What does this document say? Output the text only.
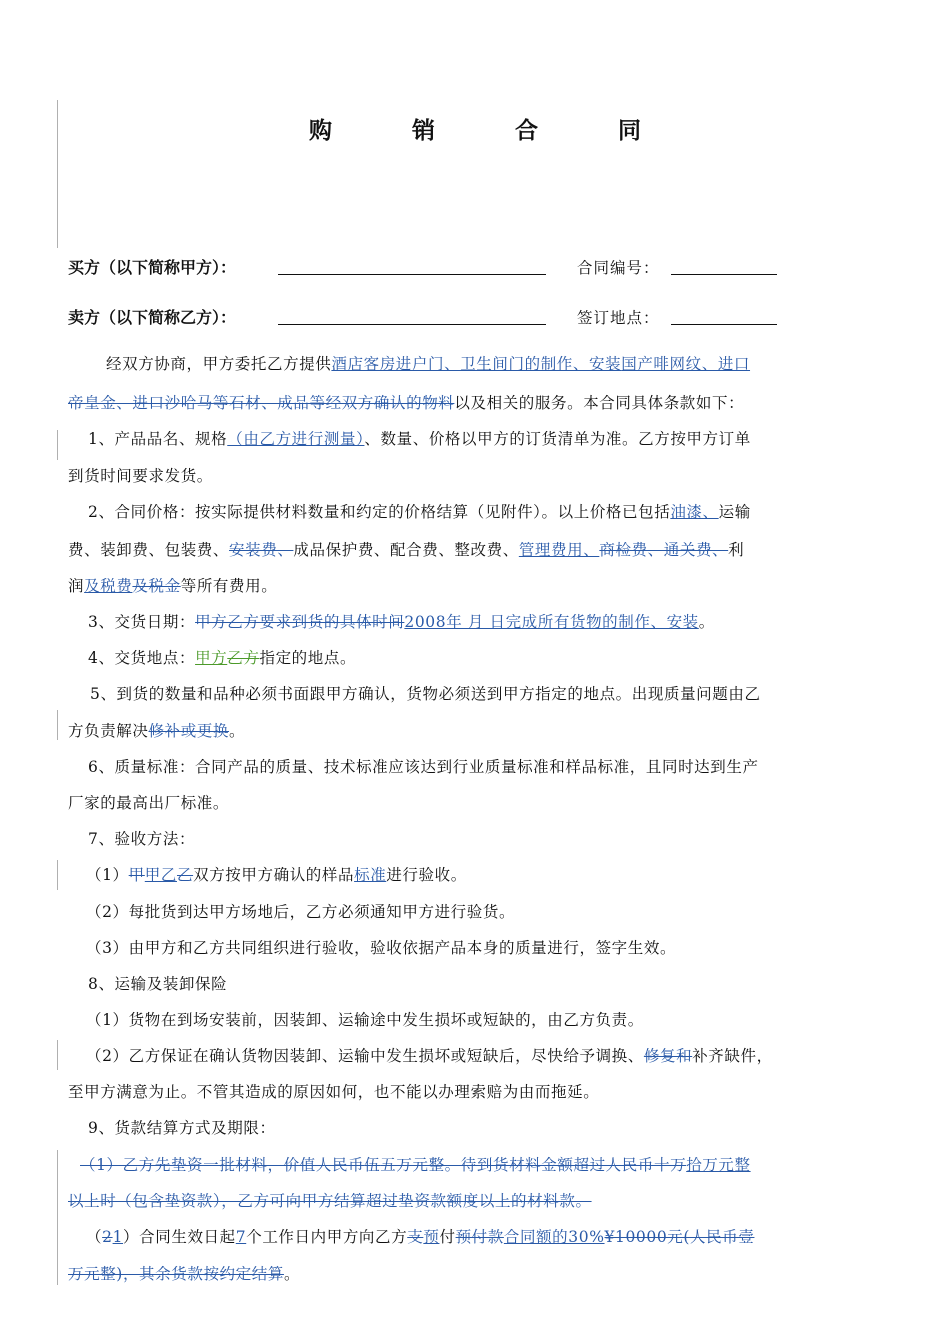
购 销 合 同
买方（以下简称甲方）：	合同编号：
卖方（以下简称乙方）：	签订地点：
经双方协商，甲方委托乙方提供酒店客房进户门、卫生间门的制作、安装国产啡网纹、进口
帝皇金、进口沙哈马等石材、成品等经双方确认的物料以及相关的服务。本合同具体条款如下：
1、产品品名、规格（由乙方进行测量）、数量、价格以甲方的订货清单为准。乙方按甲方订单
到货时间要求发货。
2、合同价格：按实际提供材料数量和约定的价格结算（见附件）。以上价格已包括油漆、运输
费、装卸费、包装费、安装费、成品保护费、配合费、整改费、管理费用、商检费、通关费、利
润及税费及税金等所有费用。
3、交货日期：甲方乙方要求到货的具体时间2008年 月 日完成所有货物的制作、安装。
4、交货地点：甲方乙方指定的地点。
5、到货的数量和品种必须书面跟甲方确认，货物必须送到甲方指定的地点。出现质量问题由乙
方负责解决修补或更换。
6、质量标准：合同产品的质量、技术标准应该达到行业质量标准和样品标准，且同时达到生产
厂家的最高出厂标准。
7、验收方法：
（1）甲甲乙乙双方按甲方确认的样品标准进行验收。
（2）每批货到达甲方场地后，乙方必须通知甲方进行验货。
（3）由甲方和乙方共同组织进行验收，验收依据产品本身的质量进行，签字生效。
8、运输及装卸保险
（1）货物在到场安装前，因装卸、运输途中发生损坏或短缺的，由乙方负责。
（2）乙方保证在确认货物因装卸、运输中发生损坏或短缺后，尽快给予调换、修复和补齐缺件，
至甲方满意为止。不管其造成的原因如何，也不能以办理索赔为由而拖延。
9、货款结算方式及期限：
（1）乙方先垫资一批材料，价值人民币伍五万元整。待到货材料金额超过人民币十万拾万元整
以上时（包含垫资款），乙方可向甲方结算超过垫资款额度以上的材料款。
（21）合同生效日起7个工作日内甲方向乙方支预付预付款合同额的30%¥10000元(人民币壹
万元整)，其余货款按约定结算。
